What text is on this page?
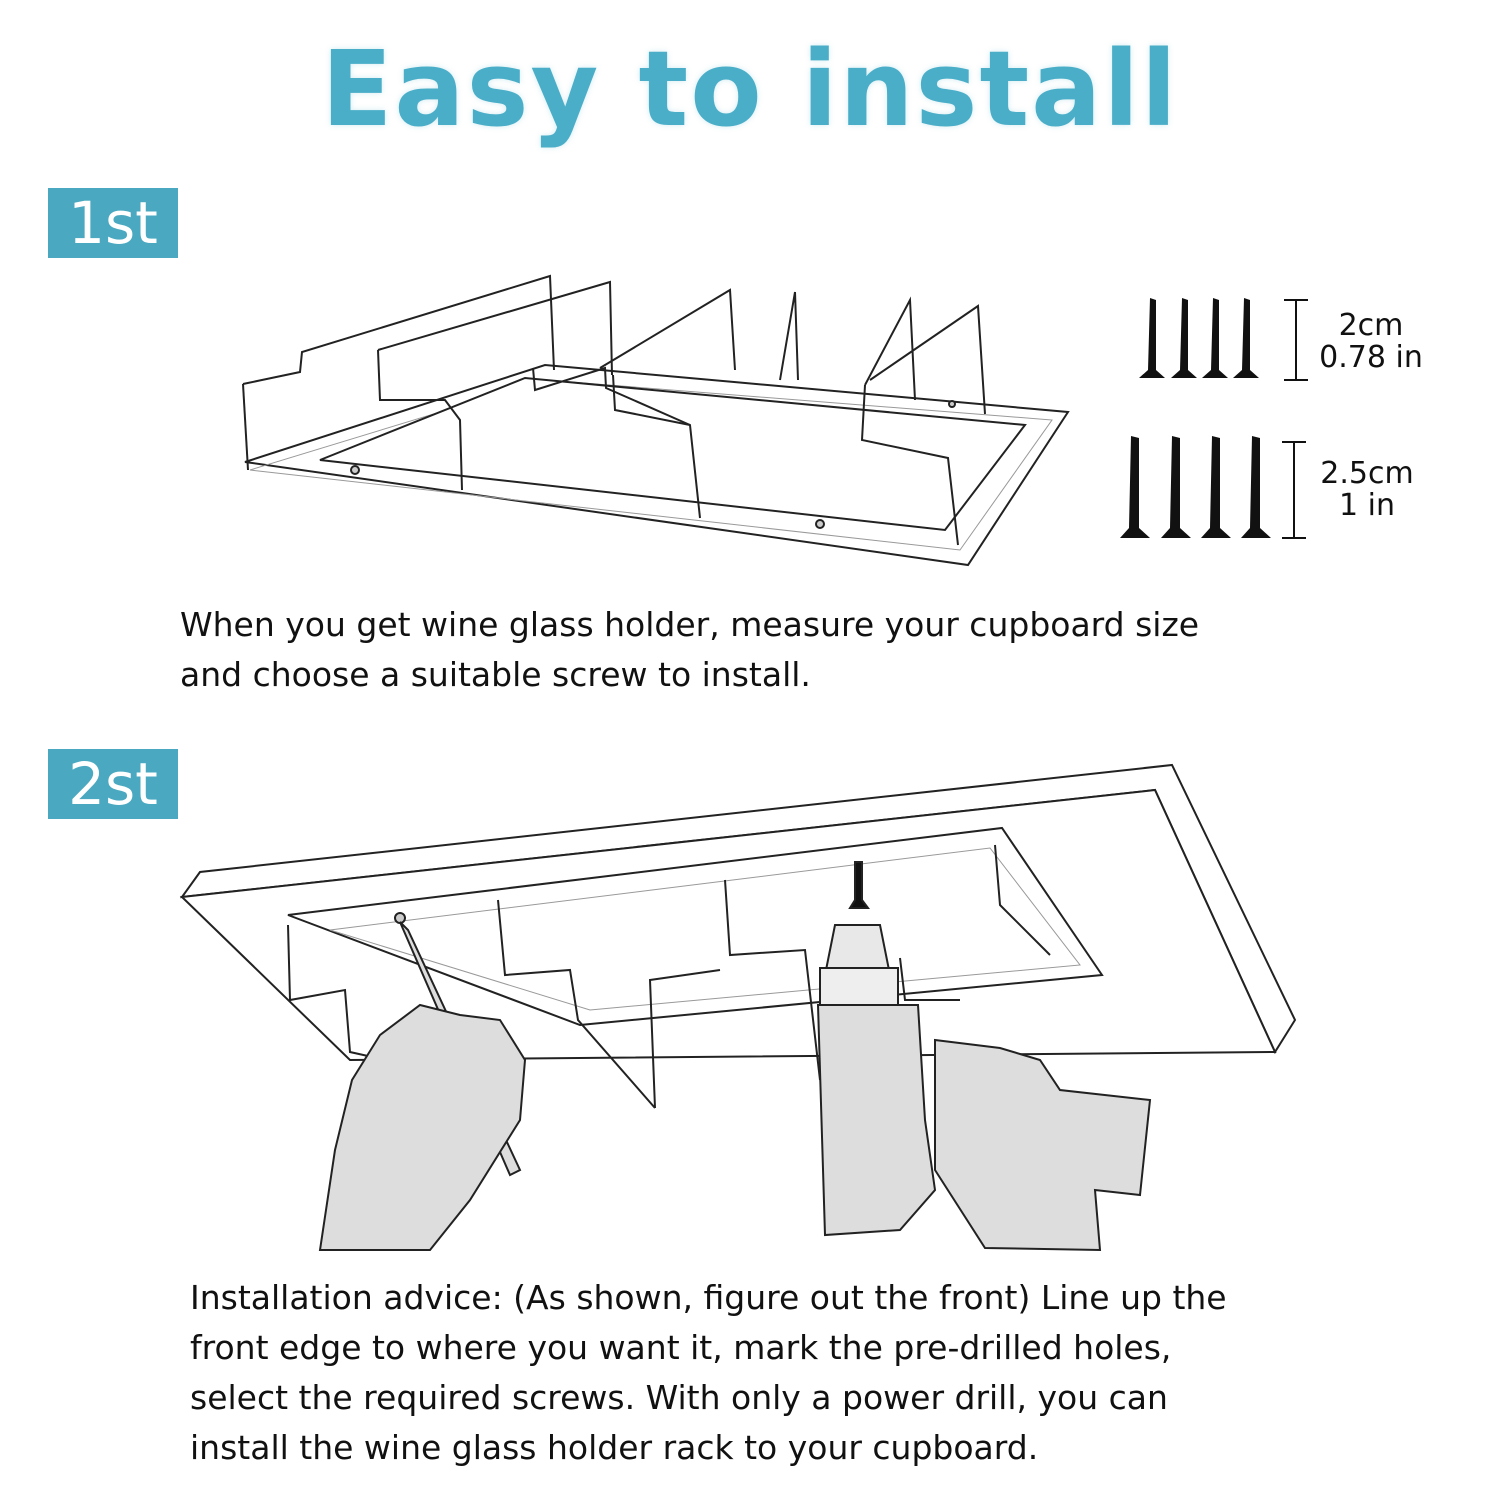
Easy to install
1st
2st
2cm
0.78 in
2.5cm
1 in
When you get wine glass holder, measure your cupboard size
and choose a suitable screw to install.
Installation advice: (As shown, figure out the front) Line up the
front edge to where you want it, mark the pre-drilled holes,
select the required screws. With only a power drill, you can
install the wine glass holder rack to your cupboard.
